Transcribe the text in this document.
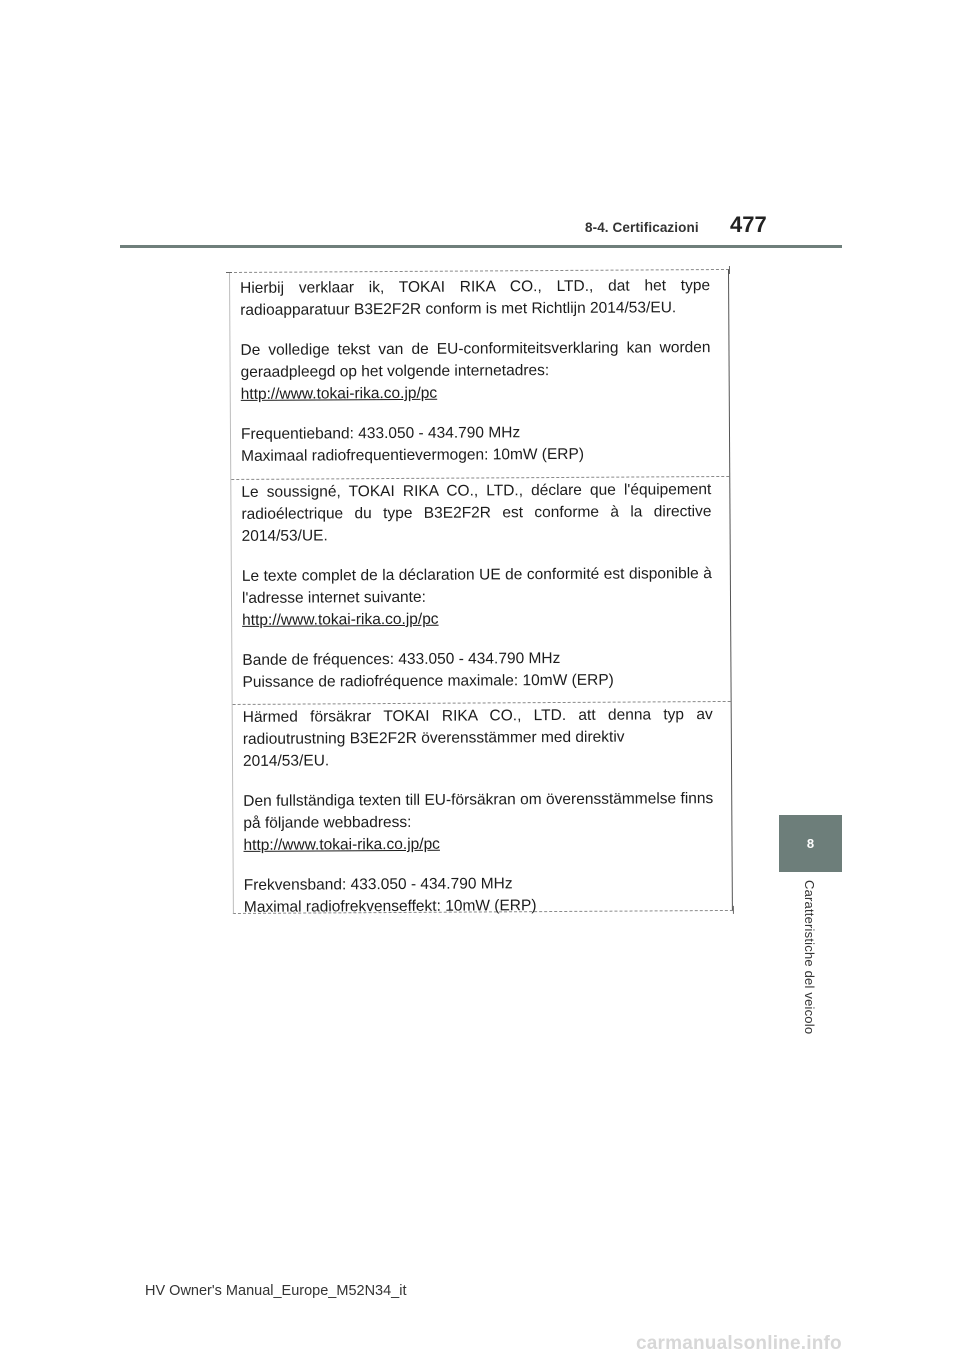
8-4. Certificazioni 477
8
Caratteristiche del veicolo

Hierbij verklaar ik, TOKAI RIKA CO., LTD., dat het type
radioapparatuur B3E2F2R conform is met Richtlijn 2014/53/EU.

De volledige tekst van de EU-conformiteitsverklaring kan worden
geraadpleegd op het volgende internetadres:
http://www.tokai-rika.co.jp/pc

Frequentieband: 433.050 - 434.790 MHz
Maximaal radiofrequentievermogen: 10mW (ERP)

Le soussigné, TOKAI RIKA CO., LTD., déclare que l'équipement
radioélectrique du type B3E2F2R est conforme à la directive
2014/53/UE.

Le texte complet de la déclaration UE de conformité est disponible à
l'adresse internet suivante:
http://www.tokai-rika.co.jp/pc

Bande de fréquences: 433.050 - 434.790 MHz
Puissance de radiofréquence maximale: 10mW (ERP)

Härmed försäkrar TOKAI RIKA CO., LTD. att denna typ av
radioutrustning B3E2F2R överensstämmer med direktiv 2014/53/EU.

Den fullständiga texten till EU-försäkran om överensstämmelse finns
på följande webbadress:
http://www.tokai-rika.co.jp/pc

Frekvensband: 433.050 - 434.790 MHz
Maximal radiofrekvenseffekt: 10mW (ERP)

HV Owner's Manual_Europe_M52N34_it
carmanualsonline.info
